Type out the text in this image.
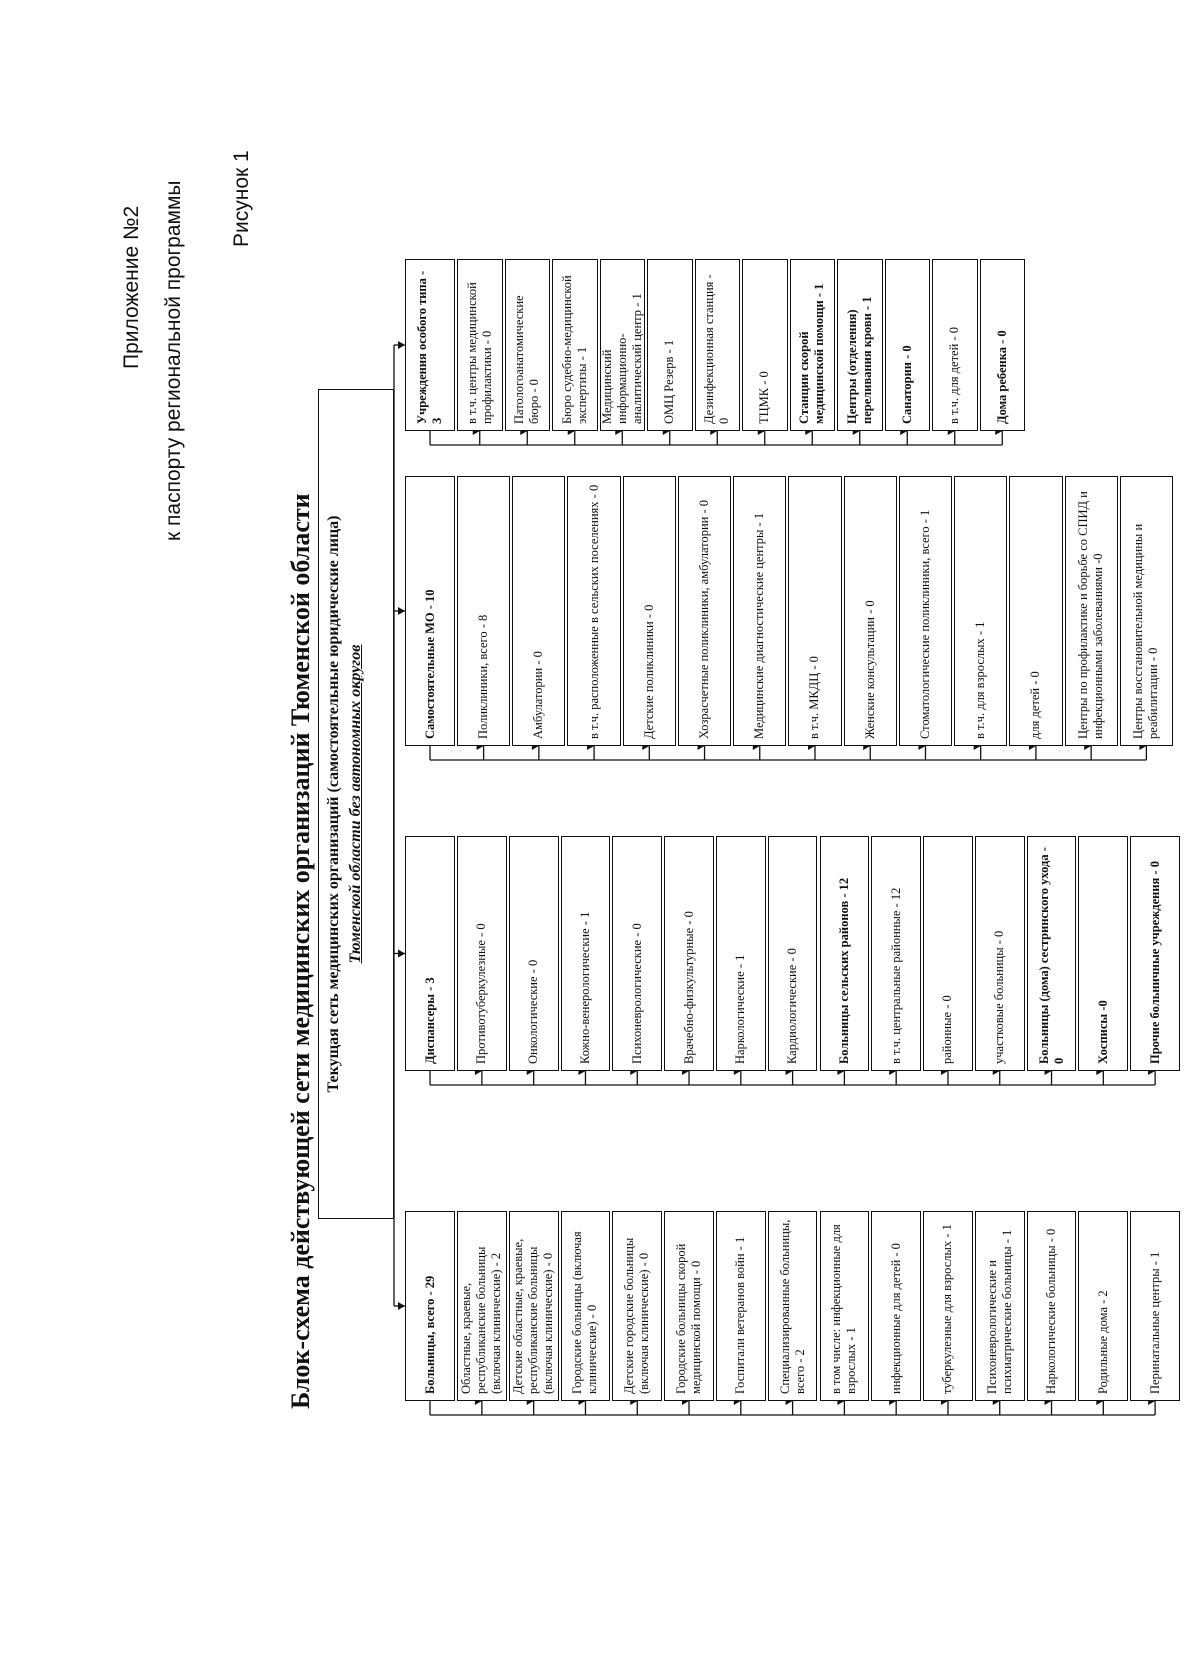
Приложение №2 к паспорту региональной программы Рисунок 1
Блок-схема действующей сети медицинских организаций Тюменской области Текущая сеть медицинских организаций (самостоятельные юридические лица) Тюменской области без автономных округов
Больницы, всего - 29 Областные, краевые, республиканские больницы (включая клинические) - 2 Детские областные, краевые, республиканские больницы (включая клинические) - 0 Городские больницы (включая клинические) - 0 Детские городские больницы (включая клинические) - 0 Городские больницы скорой медицинской помощи - 0 Госпитали ветеранов войн - 1 Специализированные больницы, всего - 2 в том числе: инфекционные для взрослых - 1 инфекционные для детей - 0	туберкулезные для взрослых - 1 Психоневрологические и психиатрические больницы - 1 Наркологические больницы - 0	Родильные дома - 2	Перинатальные центры - 1
Диспансеры - 3	Противотуберкулезные - 0	Онкологические - 0	Кожно-венерологические - 1	Психоневрологические - 0	Врачебно-физкультурные - 0	Наркологические - 1	Кардиологические - 0	Больницы сельских районов - 12	в т.ч. центральные районные - 12	районные - 0	участковые больницы - 0 Больницы (дома) сестринского ухода - 0 Хосписы -0	Прочие больничные учреждения - 0
Самостоятельные МО - 10	Поликлиники, всего - 8	Амбулатории - 0	в т.ч. расположенные в сельских поселениях - 0	Детские поликлиники - 0	Хозрасчетные поликлиники, амбулатории - 0	Медицинские диагностические центры - 1	в т.ч. МКДЦ - 0	Женские консультации - 0	Стоматологические поликлиники, всего - 1	в т.ч. для взрослых - 1	для детей - 0	Центры по профилактике и борьбе со СПИД и инфекционными заболеваниями -0 Центры восстановительной медицины и реабилитации - 0
Учреждения особого типа - 3 в т.ч. центры медицинской профилактики - 0 Патологоанатомические бюро - 0 Бюро судебно-медицинской экспертизы - 1 Медицинский информационно-аналитический центр - 1 ОМЦ Резерв - 1 Дезинфекционная станция - 0 ТЦМК - 0 Станции скорой медицинской помощи - 1 Центры (отделения) переливания крови - 1 Санатории - 0	в т.ч. для детей - 0	Дома ребенка - 0
